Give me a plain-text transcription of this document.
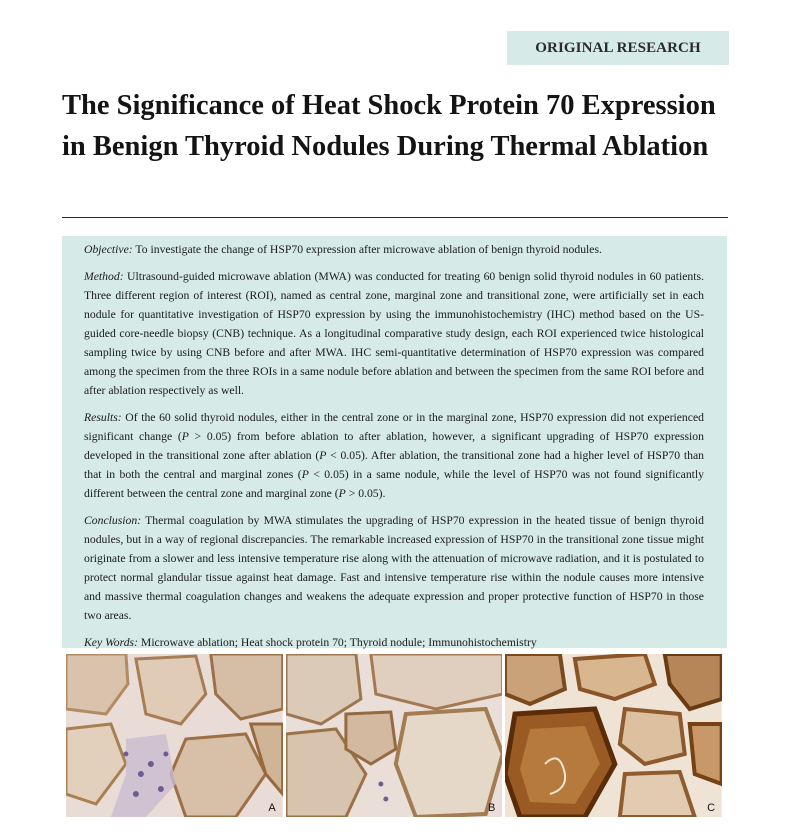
ORIGINAL RESEARCH
The Significance of Heat Shock Protein 70 Expression in Benign Thyroid Nodules During Thermal Ablation

Objective: To investigate the change of HSP70 expression after microwave ablation of benign thyroid nodules.

Method: Ultrasound-guided microwave ablation (MWA) was conducted for treating 60 benign solid thyroid nodules in 60 patients. Three different region of interest (ROI), named as central zone, marginal zone and transitional zone, were artificially set in each nodule for quantitative investigation of HSP70 expression by using the immunohistochemistry (IHC) method based on the US-guided core-needle biopsy (CNB) technique. As a longitudinal comparative study design, each ROI experienced twice histological sampling twice by using CNB before and after MWA. IHC semi-quantitative determination of HSP70 expression was compared among the specimen from the three ROIs in a same nodule before ablation and between the specimen from the same ROI before and after ablation respectively as well.

Results: Of the 60 solid thyroid nodules, either in the central zone or in the marginal zone, HSP70 expression did not experienced significant change (P > 0.05) from before ablation to after ablation, however, a significant upgrading of HSP70 expression developed in the transitional zone after ablation (P < 0.05). After ablation, the transitional zone had a higher level of HSP70 than that in both the central and marginal zones (P < 0.05) in a same nodule, while the level of HSP70 was not found significantly different between the central zone and marginal zone (P > 0.05).

Conclusion: Thermal coagulation by MWA stimulates the upgrading of HSP70 expression in the heated tissue of benign thyroid nodules, but in a way of regional discrepancies. The remarkable increased expression of HSP70 in the transitional zone tissue might originate from a slower and less intensive temperature rise along with the attenuation of microwave radiation, and it is postulated to protect normal glandular tissue against heat damage. Fast and intensive temperature rise within the nodule causes more intensive and massive thermal coagulation changes and weakens the adequate expression and proper protective function of HSP70 in those two areas.

Key Words: Microwave ablation; Heat shock protein 70; Thyroid nodule; Immunohistochemistry

A	B	C
